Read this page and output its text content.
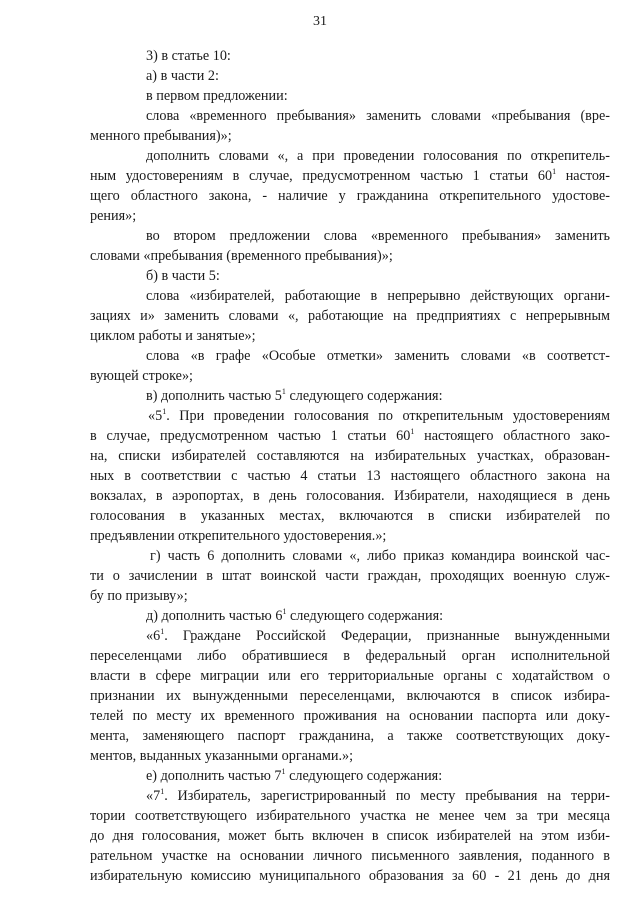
31
3) в статье 10:
а) в части 2:
в первом предложении:
слова «временного пребывания» заменить словами «пребывания (вре-
менного пребывания)»;
дополнить словами «, а при проведении голосования по открепитель-
ным удостоверениям в случае, предусмотренном частью 1 статьи $60^1$ настоя-
щего областного закона, - наличие у гражданина открепительного удостове-
рения»;
во втором предложении слова «временного пребывания» заменить
словами «пребывания (временного пребывания)»;
б) в части 5:
слова «избирателей, работающие в непрерывно действующих органи-
зациях и» заменить словами «, работающие на предприятиях с непрерывным
циклом работы и занятые»;
слова «в графе «Особые отметки» заменить словами «в соответст-
вующей строке»;
в) дополнить частью $5^1$ следующего содержания:
«$5^1$. При проведении голосования по открепительным удостоверениям
в случае, предусмотренном частью 1 статьи $60^1$ настоящего областного зако-
на, списки избирателей составляются на избирательных участках, образован-
ных в соответствии с частью 4 статьи 13 настоящего областного закона на
вокзалах, в аэропортах, в день голосования. Избиратели, находящиеся в день
голосования в указанных местах, включаются в списки избирателей по
предъявлении открепительного удостоверения.»;
г) часть 6 дополнить словами «, либо приказ командира воинской час-
ти о зачислении в штат воинской части граждан, проходящих военную служ-
бу по призыву»;
д) дополнить частью $6^1$ следующего содержания:
«$6^1$. Граждане Российской Федерации, признанные вынужденными
переселенцами либо обратившиеся в федеральный орган исполнительной
власти в сфере миграции или его территориальные органы с ходатайством о
признании их вынужденными переселенцами, включаются в список избира-
телей по месту их временного проживания на основании паспорта или доку-
мента, заменяющего паспорт гражданина, а также соответствующих доку-
ментов, выданных указанными органами.»;
е) дополнить частью $7^1$ следующего содержания:
«$7^1$. Избиратель, зарегистрированный по месту пребывания на терри-
тории соответствующего избирательного участка не менее чем за три месяца
до дня голосования, может быть включен в список избирателей на этом изби-
рательном участке на основании личного письменного заявления, поданного в
избирательную комиссию муниципального образования за 60 - 21 день до дня
